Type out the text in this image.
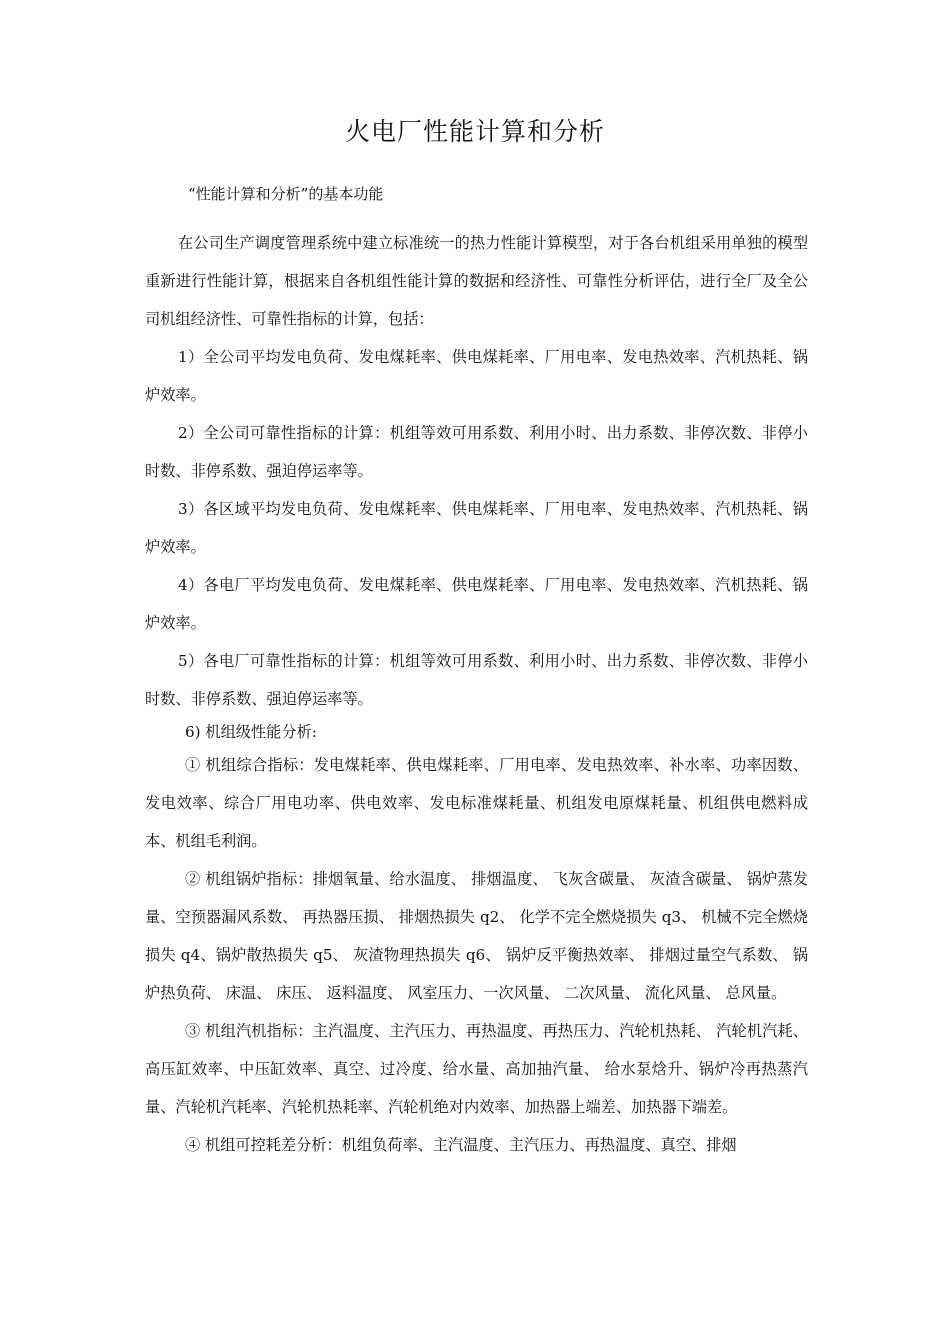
火电厂性能计算和分析
“性能计算和分析”的基本功能

在公司生产调度管理系统中建立标准统一的热力性能计算模型，对于各台机组采用单独的模型重新进行性能计算，根据来自各机组性能计算的数据和经济性、可靠性分析评估，进行全厂及全公司机组经济性、可靠性指标的计算，包括：

1）全公司平均发电负荷、发电煤耗率、供电煤耗率、厂用电率、发电热效率、汽机热耗、锅炉效率。

2）全公司可靠性指标的计算：机组等效可用系数、利用小时、出力系数、非停次数、非停小时数、非停系数、强迫停运率等。

3）各区域平均发电负荷、发电煤耗率、供电煤耗率、厂用电率、发电热效率、汽机热耗、锅炉效率。

4）各电厂平均发电负荷、发电煤耗率、供电煤耗率、厂用电率、发电热效率、汽机热耗、锅炉效率。

5）各电厂可靠性指标的计算：机组等效可用系数、利用小时、出力系数、非停次数、非停小时数、非停系数、强迫停运率等。

6) 机组级性能分析:

① 机组综合指标：发电煤耗率、供电煤耗率、厂用电率、发电热效率、补水率、功率因数、发电效率、综合厂用电功率、供电效率、发电标准煤耗量、机组发电原煤耗量、机组供电燃料成本、机组毛利润。

② 机组锅炉指标：排烟氧量、给水温度、 排烟温度、 飞灰含碳量、 灰渣含碳量、 锅炉蒸发量、空预器漏风系数、 再热器压损、 排烟热损失 q2、 化学不完全燃烧损失 q3、 机械不完全燃烧损失 q4、锅炉散热损失 q5、 灰渣物理热损失 q6、 锅炉反平衡热效率、 排烟过量空气系数、 锅炉热负荷、 床温、 床压、 返料温度、 风室压力、一次风量、 二次风量、 流化风量、 总风量。

③ 机组汽机指标：主汽温度、主汽压力、再热温度、再热压力、汽轮机热耗、 汽轮机汽耗、 高压缸效率、中压缸效率、真空、过冷度、给水量、高加抽汽量、 给水泵焓升、锅炉冷再热蒸汽量、汽轮机汽耗率、汽轮机热耗率、汽轮机绝对内效率、加热器上端差、加热器下端差。

④ 机组可控耗差分析：机组负荷率、主汽温度、主汽压力、再热温度、真空、排烟
